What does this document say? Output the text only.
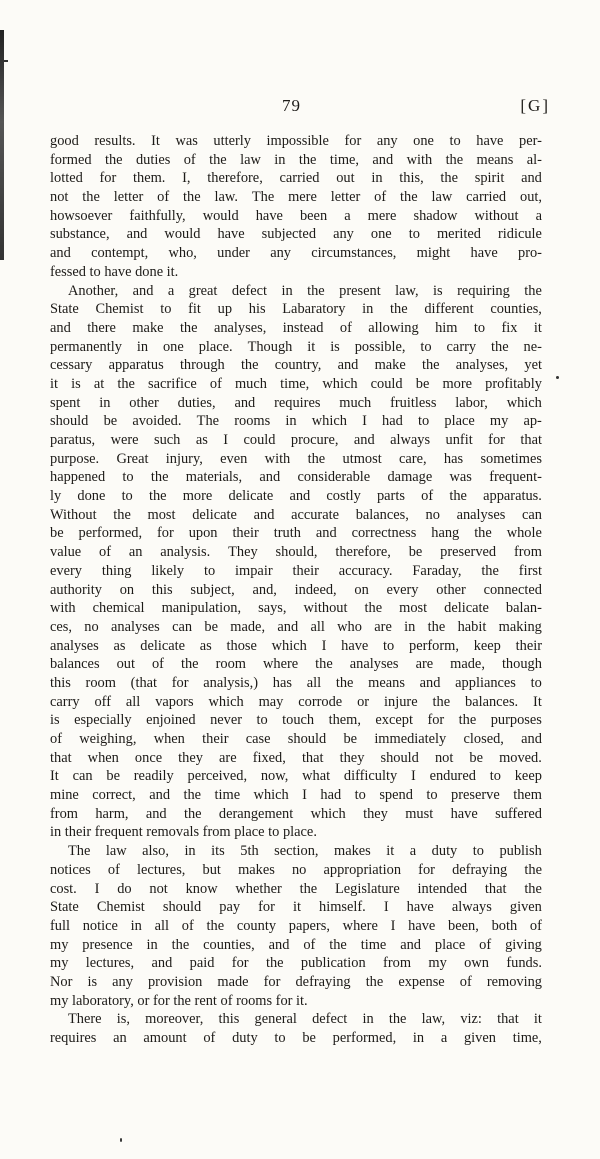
79	[G]
good results. It was utterly impossible for any one to have per-
formed the duties of the law in the time, and with the means al-
lotted for them. I, therefore, carried out in this, the spirit and
not the letter of the law. The mere letter of the law carried out,
howsoever faithfully, would have been a mere shadow without a
substance, and would have subjected any one to merited ridicule
and contempt, who, under any circumstances, might have pro-
fessed to have done it.
Another, and a great defect in the present law, is requiring the
State Chemist to fit up his Labaratory in the different counties,
and there make the analyses, instead of allowing him to fix it
permanently in one place. Though it is possible, to carry the ne-
cessary apparatus through the country, and make the analyses, yet
it is at the sacrifice of much time, which could be more profitably
spent in other duties, and requires much fruitless labor, which
should be avoided. The rooms in which I had to place my ap-
paratus, were such as I could procure, and always unfit for that
purpose. Great injury, even with the utmost care, has sometimes
happened to the materials, and considerable damage was frequent-
ly done to the more delicate and costly parts of the apparatus.
Without the most delicate and accurate balances, no analyses can
be performed, for upon their truth and correctness hang the whole
value of an analysis. They should, therefore, be preserved from
every thing likely to impair their accuracy. Faraday, the first
authority on this subject, and, indeed, on every other connected
with chemical manipulation, says, without the most delicate balan-
ces, no analyses can be made, and all who are in the habit making
analyses as delicate as those which I have to perform, keep their
balances out of the room where the analyses are made, though
this room (that for analysis,) has all the means and appliances to
carry off all vapors which may corrode or injure the balances. It
is especially enjoined never to touch them, except for the purposes
of weighing, when their case should be immediately closed, and
that when once they are fixed, that they should not be moved.
It can be readily perceived, now, what difficulty I endured to keep
mine correct, and the time which I had to spend to preserve them
from harm, and the derangement which they must have suffered
in their frequent removals from place to place.
The law also, in its 5th section, makes it a duty to publish
notices of lectures, but makes no appropriation for defraying the
cost. I do not know whether the Legislature intended that the
State Chemist should pay for it himself. I have always given
full notice in all of the county papers, where I have been, both of
my presence in the counties, and of the time and place of giving
my lectures, and paid for the publication from my own funds.
Nor is any provision made for defraying the expense of removing
my laboratory, or for the rent of rooms for it.
There is, moreover, this general defect in the law, viz: that it
requires an amount of duty to be performed, in a given time,
